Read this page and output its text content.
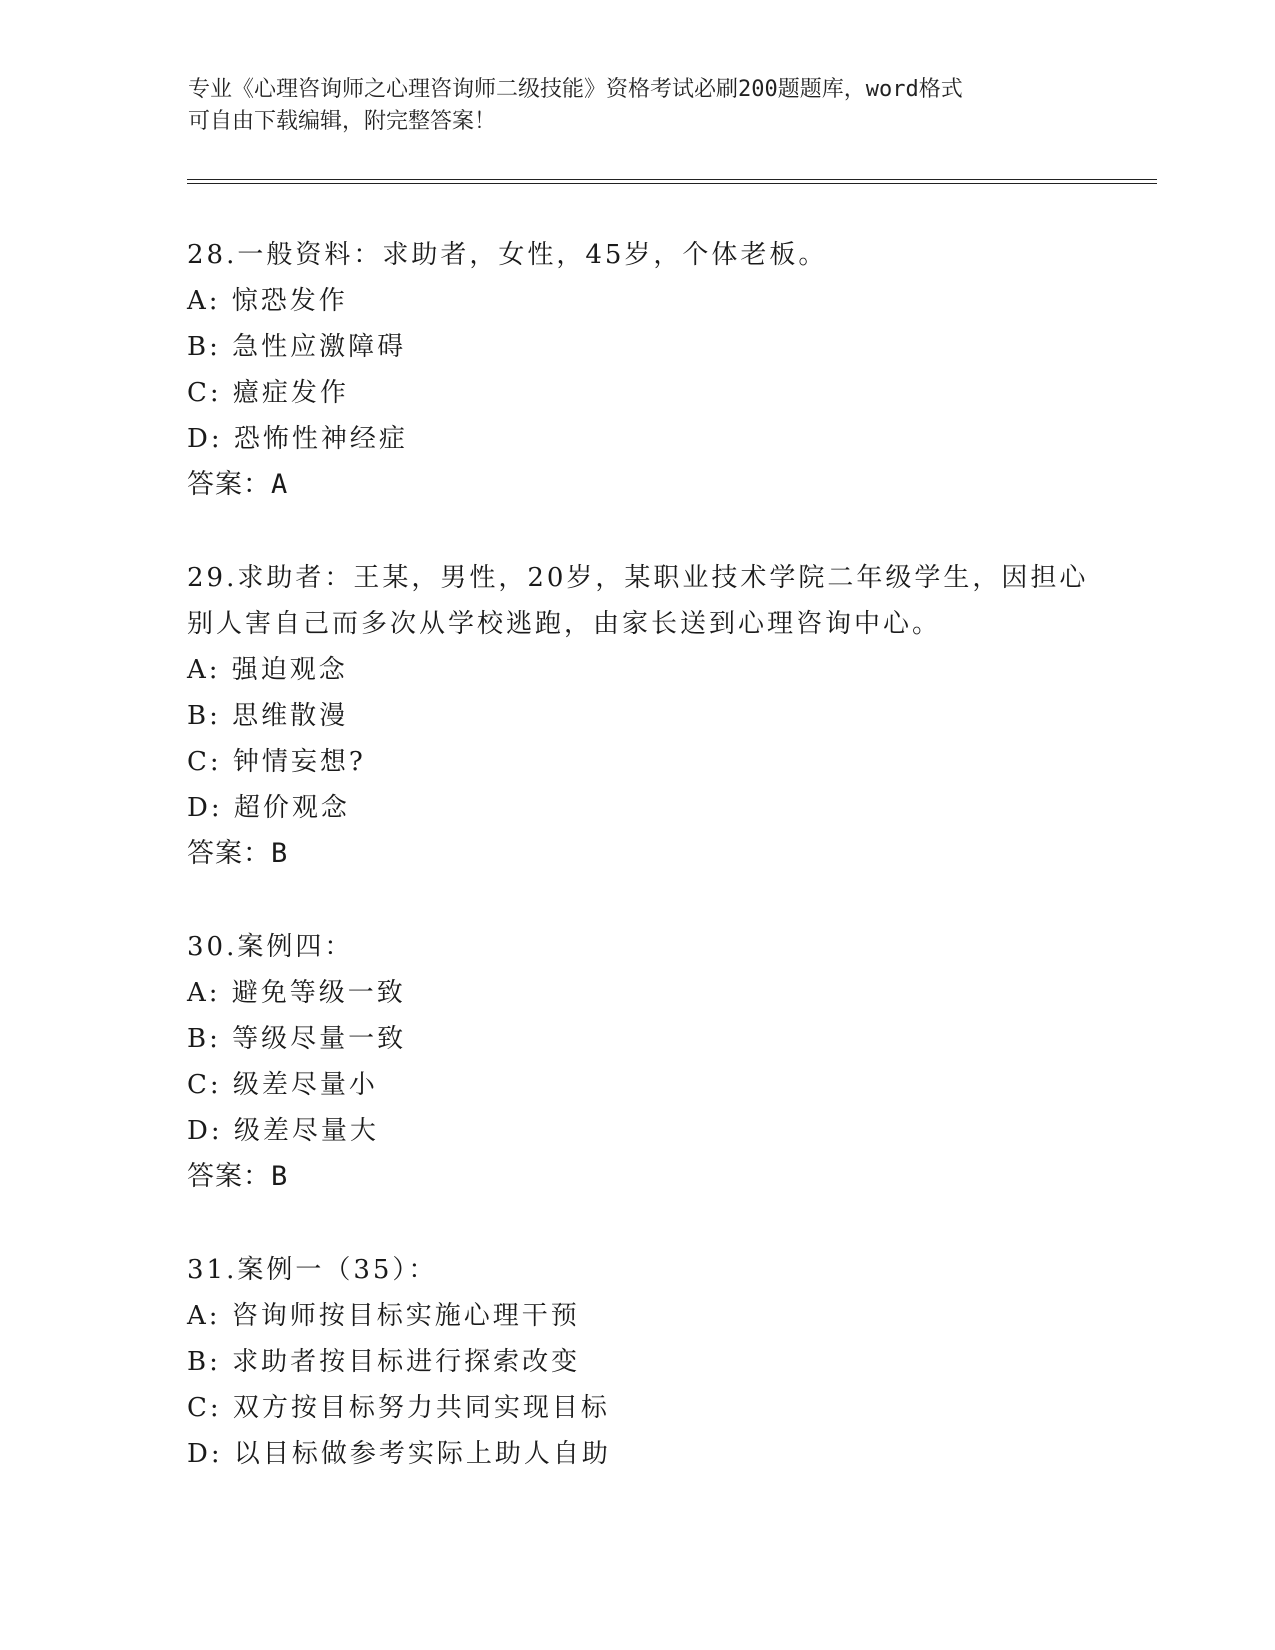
专业《心理咨询师之心理咨询师二级技能》资格考试必刷200题题库，word格式
可自由下载编辑，附完整答案！
28.一般资料：求助者，女性，45岁，个体老板。
A: 惊恐发作
B: 急性应激障碍
C: 癔症发作
D: 恐怖性神经症
答案：A
29.求助者：王某，男性，20岁，某职业技术学院二年级学生，因担心
别人害自己而多次从学校逃跑，由家长送到心理咨询中心。
A: 强迫观念
B: 思维散漫
C: 钟情妄想?
D: 超价观念
答案：B
30.案例四：
A: 避免等级一致
B: 等级尽量一致
C: 级差尽量小
D: 级差尽量大
答案：B
31.案例一（35）：
A: 咨询师按目标实施心理干预
B: 求助者按目标进行探索改变
C: 双方按目标努力共同实现目标
D: 以目标做参考实际上助人自助
